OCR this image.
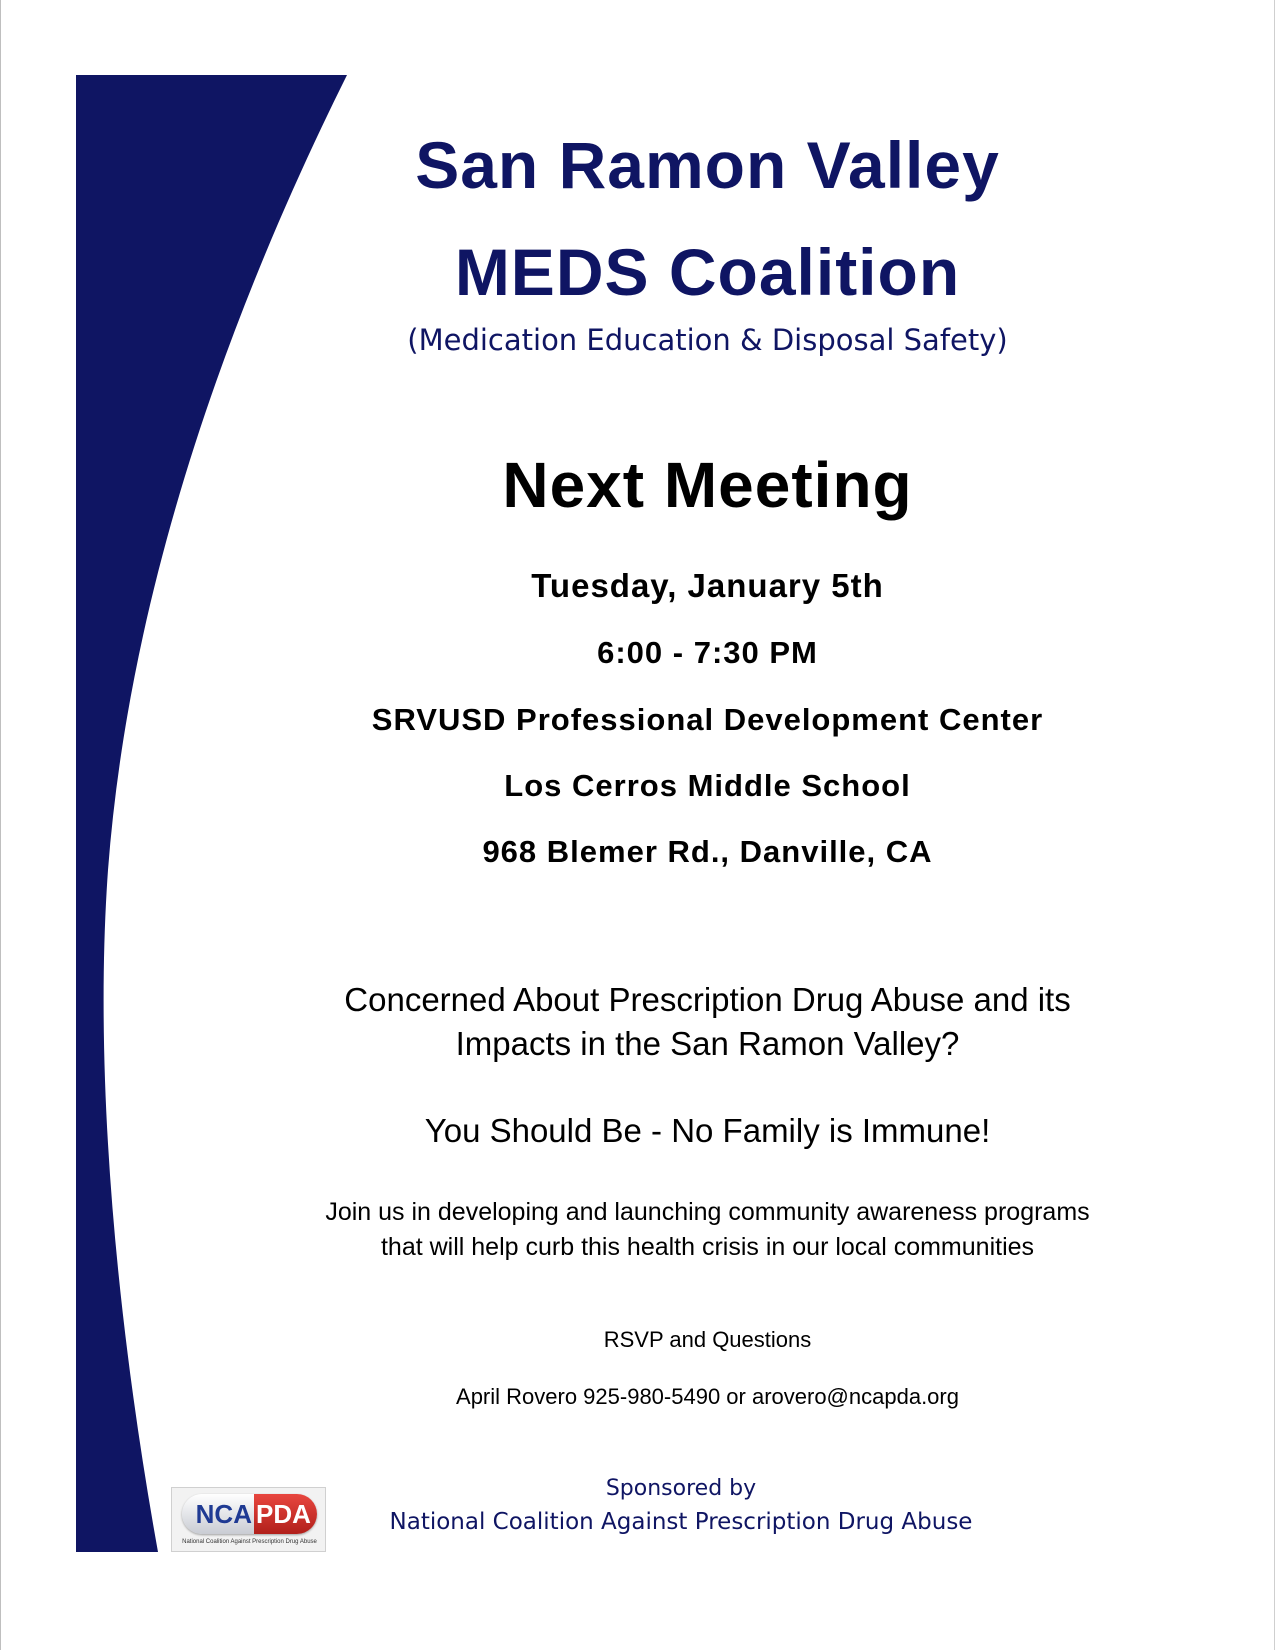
San Ramon Valley
MEDS Coalition
(Medication Education & Disposal Safety)
Next Meeting
Tuesday, January 5th
6:00 - 7:30 PM
SRVUSD Professional Development Center
Los Cerros Middle School
968 Blemer Rd., Danville, CA
Concerned About Prescription Drug Abuse and its
Impacts in the San Ramon Valley?
You Should Be - No Family is Immune!
Join us in developing and launching community awareness programs
that will help curb this health crisis in our local communities
RSVP and Questions
April Rovero 925-980-5490 or arovero@ncapda.org
NCA PDA
National Coalition Against Prescription Drug Abuse
Sponsored by
National Coalition Against Prescription Drug Abuse
